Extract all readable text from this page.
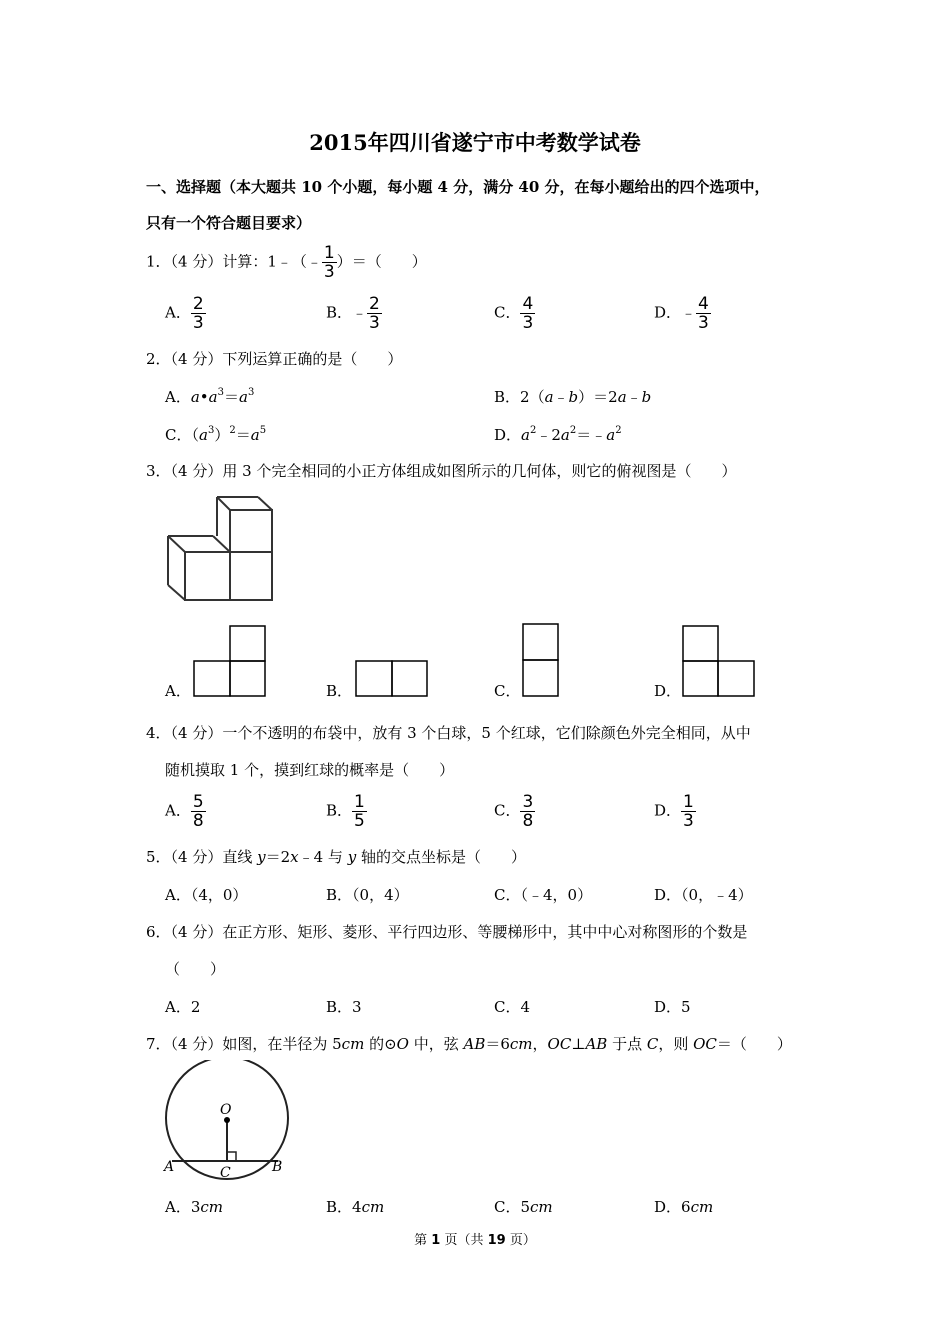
2015年四川省遂宁市中考数学试卷
一、选择题（本大题共 10 个小题，每小题 4 分，满分 40 分，在每小题给出的四个选项中，
只有一个符合题目要求）
1．（4 分）计算：1﹣（﹣ $\frac{1}{3}$ ）＝（　　）
A． $\frac{2}{3}$	B．﹣ $\frac{2}{3}$	C． $\frac{4}{3}$	D．﹣ $\frac{4}{3}$
2．（4 分）下列运算正确的是（　　）
A．$a•a^3=a^3$	B．2（a﹣b）＝2a﹣b
C．$(a^3)^2=a^5$	D．$a^2﹣2a^2=﹣a^2$
3．（4 分）用 3 个完全相同的小正方体组成如图所示的几何体，则它的俯视图是（　　）
A．	B．	C．	D．
4．（4 分）一个不透明的布袋中，放有 3 个白球，5 个红球，它们除颜色外完全相同，从中
随机摸取 1 个，摸到红球的概率是（　　）
A． $\frac{5}{8}$	B． $\frac{1}{5}$	C． $\frac{3}{8}$	D． $\frac{1}{3}$
5．（4 分）直线 y＝2x﹣4 与 y 轴的交点坐标是（　　）
A．（4，0）	B．（0，4）	C．（﹣4，0）	D．（0，﹣4）
6．（4 分）在正方形、矩形、菱形、平行四边形、等腰梯形中，其中中心对称图形的个数是
（　　）
A．2	B．3	C．4	D．5
7．（4 分）如图，在半径为 5cm 的⊙O 中，弦 AB＝6cm，OC⊥AB 于点 C，则 OC＝（　　）
O
A	B
C
A．3cm	B．4cm	C．5cm	D．6cm
第 1 页（共 19 页）
